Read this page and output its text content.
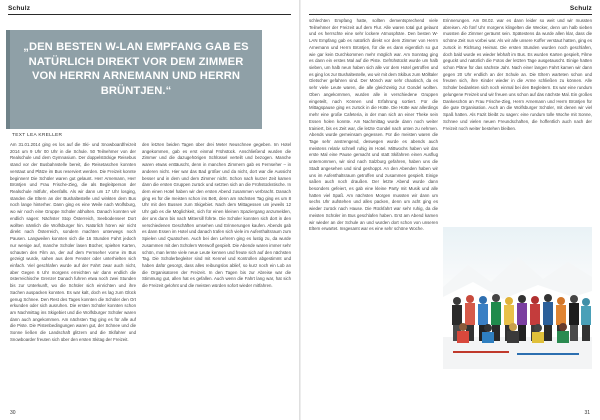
Schulz

„DEN BESTEN W-LAN EMPFANG GAB ES NATÜRLICH DIREKT VOR DEM ZIMMER VON HERRN ARNEMANN UND HERRN BRÜNTJEN.“

TEXT LEA KRELLER

Am 31.01.2014 ging es los auf die Ski- und Snowboardfreizeit 2014 um 9 Uhr 00 Uhr in die Schule. 50 Teilnehmer von der Realschule und dem Gymnasium. Der doppelstöckige Reisebus stand vor der Busbahnstelle bereit, die Reisetaschen konnten verstaut und Plätze im Bus reserviert werden. Die Freizeit konnte beginnen! Die Schüler waren gut gelaunt. Herr Arnemann, Herr Brüntjen und Frau Frische-Zieg, die als Begleitperson der Realschule mitfuhr, ebenfalls. Als wir dann um 17 Uhr losging, standen die Eltern an der Bushaltestelle und winkten dem Bus noch lange hinterher. Dann ging es eine Weile nach Wolfsburg, wo wir noch eine Gruppe Schüler abholten. Danach konnten wir endlich sagen: Nächster Stop Österreich, Seebodensee! Dort wollten nämlich die Wolfsburger hin. Natürlich hören wir nicht direkt nach Österreich, sondern machten unterwegs noch Pausen. Langweilen konnten sich die 16 Stunden Fahrt jedoch nur wenige auf, manche Schüler lasen Bücher, spielten Karten, schauten den Film an, der auf dem Fernseher vorne im Bus gezeigt wurde, sahen aus dem Fenster oder unterhielten sich einfach. Viel geschlafen wurde auf der Fahrt zwar auch nicht, aber Gegen 6 Uhr morgens erreichten wir dann endlich die österreichische Grenze! Danach fuhren etwa noch zwei Stunden bis zur Unterkunft, wo die Schüler sich einrichten und ihre Sachen auspacken konnten. Es war kalt, doch es lag zum Glück genug Schnee. Den Rest des Tages konnten die Schüler den Ort erkunden oder sich ausruhen. Die ersten Schüler konnten schon am Nachmittag ins Skigebiet und die Wolfsburger Schüler waren dann auch angekommen. Am nächsten Tag ging es für alle auf die Piste. Die Pistenbedingungen waren gut, der Schnee und die Sonne ließen die Landschaft glitzern und die Skifahrer und Snowboarder freuten sich über den ersten Skitag der Freizeit.

den letzten beiden Tagen über drei Meter Neuschnee gegeben. Im Hotel angekommen, gab es erst einmal Frühstück. Anschließend wurden die Zimmer und die dazugehörigen Schlüssel verteilt und bezogen. Manche waren etwas enttäuscht, denn in manchen Zimmern gab es Fernseher – in anderen nicht. Hier war das Bad größer und da nicht, dort war die Aussicht besser und in dem und dem Zimmer nicht. Schon nach kurzer Zeit kamen dann die ersten Gruppen zurück und setzten sich an die Frühstückstische. In dem einen Hotel haben wir den ersten Abend zusammen verbracht. Danach ging es für die meisten schon ins Bett, denn am nächsten Tag ging es um 8 Uhr mit den Bussen zum Skigebiet. Nach dem Mittagessen um jeweils 12 Uhr gab es die Möglichkeit, sich für einen kleinen Spaziergang anzumelden, der uns dann bis nach Mittersill führte. Die Schüler konnten sich dort in den verschiedenen Geschäften umsehen und Erinnerungen kaufen. Abends gab es dann Essen im Hotel und danach trafen sich viele im Aufenthaltsraum zum Spielen und Quatschen. Auch bei den Lehrern ging es lustig zu, da wurde zusammen mit den Schülern Werwolf gespielt. Die Abende waren immer sehr schön, man lernte viele neue Leute kennen und freute sich auf den nächsten Tag. Die Schülerbegleiter sind mit Kennel und Kontrollen abgestimmt und haben dafür gesorgt, dass alles reibungslos ablief, so kurz noch ein Lob an die Organisatoren der Freizeit. In den Tagen bis zur Abreise war die Stimmung gut, allen hat es gefallen. Auch wenn die Fahrt lang war, hat sich die Freizeit gelohnt und die meisten würden sofort wieder mitfahren.

30
Schulz

schlechten Empfang hatte, sollten dementsprechend viele Teilnehmer der Freizeit auf dem Flur. Alle waren total gut gelaunt und es herrschte eine sehr lockere Atmosphäre. Den besten W-LAN Empfang gab es natürlich direkt vor dem Zimmer von Herrn Arnemann und Herrn Brüntjen, für die es dann eigentlich so gut wie gar kein Durchkommen mehr möglich war. Am Sonntag ging es dann ein erstes Mal auf die Piste. Gefrühstückt wurde um halb sieben, um halb neun haben sich alle vor dem Hotel getroffen und es ging los zur Bushaltestelle, wo wir mit dem Skibus zum Mölltaler Gletscher gefahren sind. Der Mönch war sehr chaotisch, da es sehr viele Leute waren, die alle gleichzeitig zur Gondel wollten. Oben angekommen, wurden alle in verschiedene Gruppen eingeteilt, nach Können und Erfahrung sortiert. Für die Mittagspause ging es zurück in die Hütte. Die Hütte war allerdings mehr eine große Cafeteria, in der man sich an einer Theke sein Essen holen konnte. Am Nachmittag wurde dann noch weiter trainiert, bis es Zeit war, die letzte Gondel nach unten zu nehmen. Abends wurde gemeinsam gegessen. Für die meisten waren die Tage sehr anstrengend, deswegen wurde es abends auch meistens relativ schnell ruhig im Hotel. Mittwochs haben wir das erste Mal eine Pause gemacht und statt Skifahren einen Ausflug unternommen, wir sind nach Salzburg gefahren, haben uns die Stadt angesehen und sind geshoppt. An den Abenden haben wir uns im Aufenthaltsraum getroffen und zusammen gespielt. Einige saßen auch noch draußen. Der letzte Abend wurde dann besonders gefeiert, es gab eine kleine Party mit Musik und alle hatten viel Spaß. Am nächsten Morgen mussten wir dann um sechs Uhr aufstehen und alles packen, denn um acht ging es wieder zurück nach Hause. Die Rückfahrt war sehr ruhig, da die meisten Schüler im Bus geschlafen haben. Erst am Abend kamen wir wieder an der Schule an und wurden dort schon von unseren Eltern erwartet. Insgesamt war es eine sehr schöne Woche.

Erinnerungen. Am 08.02. war es dann leider so weit und wir mussten abreisen. Ab fünf Uhr morgens klingelten die Wecker, denn um halb sieben mussten die Zimmer geräumt sein. Spätestens da wurde allen klar, dass die schöne Zeit nun vorbei war. Als wir alle unsere Koffer verstaut hatten, ging es zurück in Richtung Heimat. Die ersten Stunden wurden noch geschlafen, doch bald wurde es wieder lebhaft im Bus. Es wurden Karten gespielt, Filme geguckt und natürlich die Fotos der letzten Tage ausgetauscht. Einige hatten schon Pläne für das nächste Jahr. Nach einer langen Fahrt kamen wir dann gegen 20 Uhr endlich an der Schule an. Die Eltern warteten schon und freuten sich, ihre Kinder wieder in die Arme schließen zu können. Alle Schüler bedankten sich noch einmal bei den Begleitern. Es war eine rundum gelungene Freizeit und wir freuen uns schon auf das nächste Mal. Ein großes Dankeschön an Frau Frische-Zieg, Herrn Arnemann und Herrn Brüntjen für die gute Organisation. Auch an die Wolfsburger Schüler, mit denen wir viel Spaß hatten. Als Fazit bleibt zu sagen: eine rundum tolle Woche mit Sonne, Schnee und vielen neuen Freundschaften, die hoffentlich auch nach der Freizeit noch weiter bestehen bleiben.

31
